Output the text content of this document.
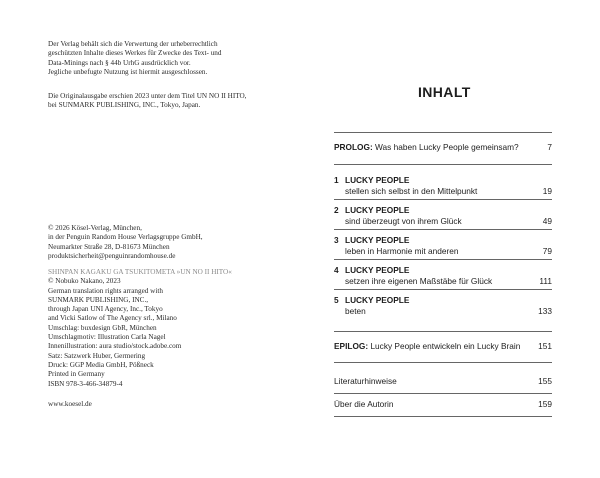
Der Verlag behält sich die Verwertung der urheberrechtlich
geschützten Inhalte dieses Werkes für Zwecke des Text- und
Data-Minings nach § 44b UrhG ausdrücklich vor.
Jegliche unbefugte Nutzung ist hiermit ausgeschlossen.
Die Originalausgabe erschien 2023 unter dem Titel UN NO II HITO,
bei SUNMARK PUBLISHING, INC., Tokyo, Japan.
© 2026 Kösel-Verlag, München,
in der Penguin Random House Verlagsgruppe GmbH,
Neumarkter Straße 28, D-81673 München
produktsicherheit@penguinrandomhouse.de
SHINPAN KAGAKU GA TSUKITOMETA »UN NO II HITO«
© Nobuko Nakano, 2023
German translation rights arranged with
SUNMARK PUBLISHING, INC.,
through Japan UNI Agency, Inc., Tokyo
and Vicki Satlow of The Agency srl., Milano
Umschlag: buxdesign GbR, München
Umschlagmotiv: Illustration Carla Nagel
Innenillustration: aura studio/stock.adobe.com
Satz: Satzwerk Huber, Germering
Druck: GGP Media GmbH, Pößneck
Printed in Germany
ISBN 978-3-466-34879-4
www.koesel.de
INHALT
PROLOG: Was haben Lucky People gemeinsam?	7
1 LUCKY PEOPLE
stellen sich selbst in den Mittelpunkt	19
2 LUCKY PEOPLE
sind überzeugt von ihrem Glück	49
3 LUCKY PEOPLE
leben in Harmonie mit anderen	79
4 LUCKY PEOPLE
setzen ihre eigenen Maßstäbe für Glück	111
5 LUCKY PEOPLE
beten	133
EPILOG: Lucky People entwickeln ein Lucky Brain 151
Literaturhinweise	155
Über die Autorin	159
